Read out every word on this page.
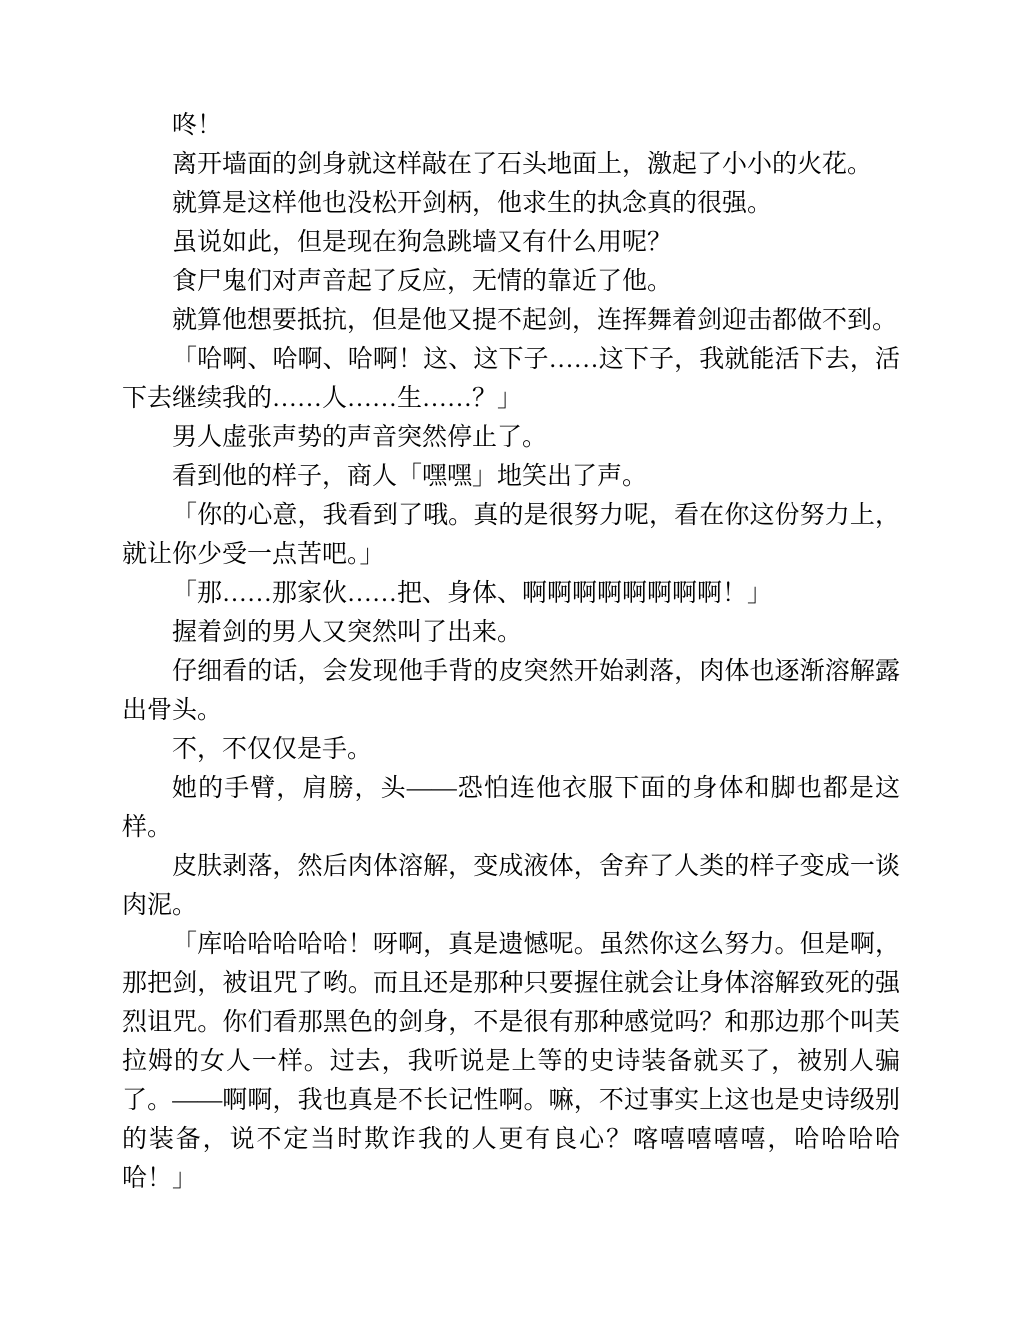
咚！

离开墙面的剑身就这样敲在了石头地面上，激起了小小的火花。

就算是这样他也没松开剑柄，他求生的执念真的很强。

虽说如此，但是现在狗急跳墙又有什么用呢？

食尸鬼们对声音起了反应，无情的靠近了他。

就算他想要抵抗，但是他又提不起剑，连挥舞着剑迎击都做不到。

「哈啊、哈啊、哈啊！这、这下子……这下子，我就能活下去，活下去继续我的……人……生……？」

男人虚张声势的声音突然停止了。

看到他的样子，商人「嘿嘿」地笑出了声。

「你的心意，我看到了哦。真的是很努力呢，看在你这份努力上，就让你少受一点苦吧。」

「那……那家伙……把、身体、啊啊啊啊啊啊啊啊！」

握着剑的男人又突然叫了出来。

仔细看的话，会发现他手背的皮突然开始剥落，肉体也逐渐溶解露出骨头。

不，不仅仅是手。

她的手臂，肩膀，头——恐怕连他衣服下面的身体和脚也都是这样。

皮肤剥落，然后肉体溶解，变成液体，舍弃了人类的样子变成一谈肉泥。

「库哈哈哈哈哈！呀啊，真是遗憾呢。虽然你这么努力。但是啊，那把剑，被诅咒了哟。而且还是那种只要握住就会让身体溶解致死的强烈诅咒。你们看那黑色的剑身，不是很有那种感觉吗？和那边那个叫芙拉姆的女人一样。过去，我听说是上等的史诗装备就买了，被别人骗了。——啊啊，我也真是不长记性啊。嘛，不过事实上这也是史诗级别的装备，说不定当时欺诈我的人更有良心？喀嘻嘻嘻嘻，哈哈哈哈哈！」
